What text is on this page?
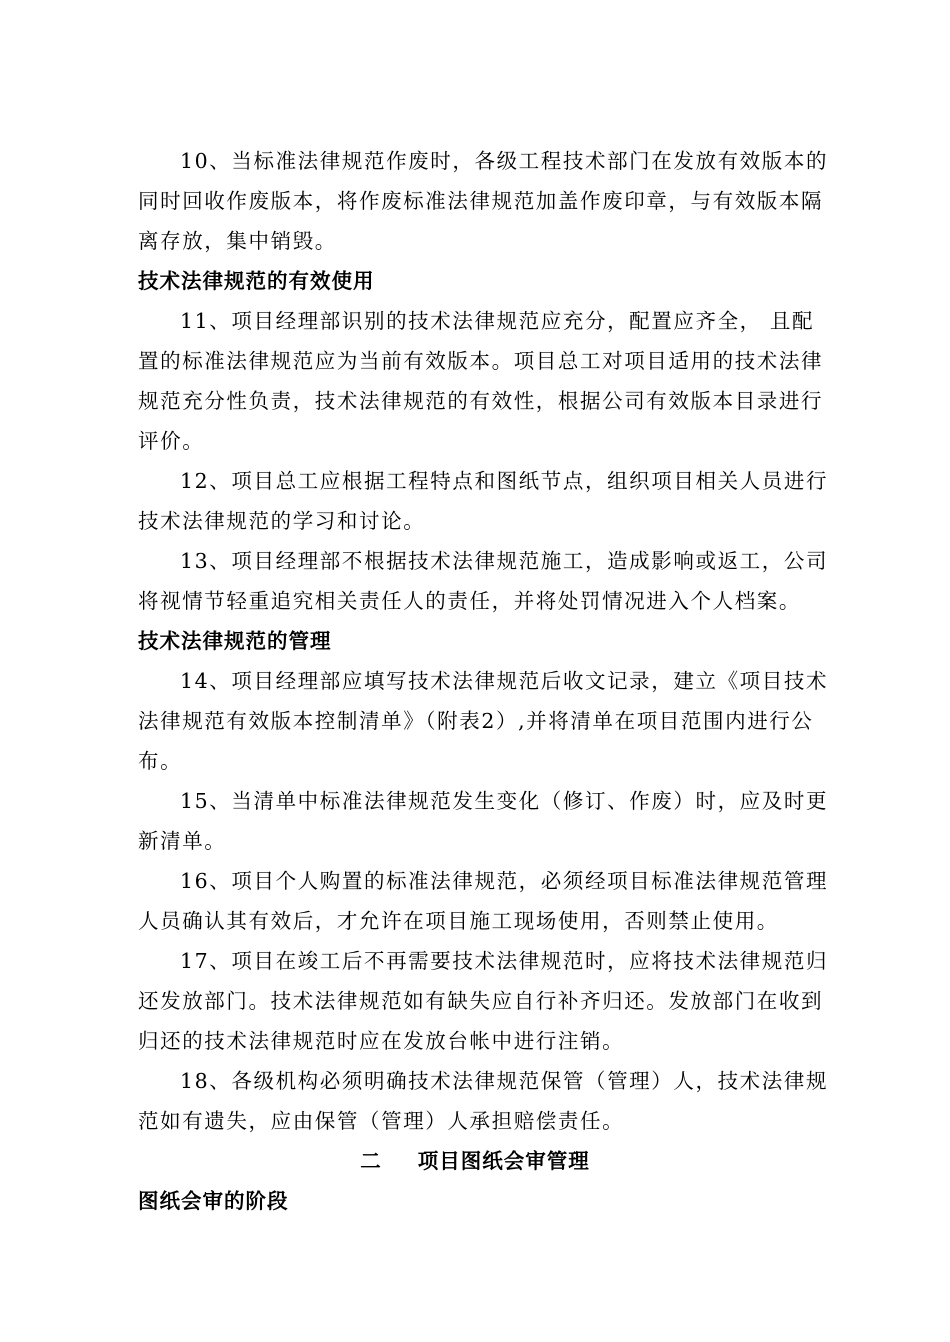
10、当标准法律规范作废时，各级工程技术部门在发放有效版本的
同时回收作废版本，将作废标准法律规范加盖作废印章，与有效版本隔
离存放，集中销毁。
技术法律规范的有效使用
11、项目经理部识别的技术法律规范应充分，配置应齐全， 且配
置的标准法律规范应为当前有效版本。项目总工对项目适用的技术法律
规范充分性负责，技术法律规范的有效性，根据公司有效版本目录进行
评价。
12、项目总工应根据工程特点和图纸节点，组织项目相关人员进行
技术法律规范的学习和讨论。
13、项目经理部不根据技术法律规范施工，造成影响或返工，公司
将视情节轻重追究相关责任人的责任，并将处罚情况进入个人档案。
技术法律规范的管理
14、项目经理部应填写技术法律规范后收文记录，建立《项目技术
法律规范有效版本控制清单》（附表2）,并将清单在项目范围内进行公
布。
15、当清单中标准法律规范发生变化（修订、作废）时，应及时更
新清单。
16、项目个人购置的标准法律规范，必须经项目标准法律规范管理
人员确认其有效后，才允许在项目施工现场使用，否则禁止使用。
17、项目在竣工后不再需要技术法律规范时，应将技术法律规范归
还发放部门。技术法律规范如有缺失应自行补齐归还。发放部门在收到
归还的技术法律规范时应在发放台帐中进行注销。
18、各级机构必须明确技术法律规范保管（管理）人，技术法律规
范如有遗失，应由保管（管理）人承担赔偿责任。
二 项目图纸会审管理
图纸会审的阶段
